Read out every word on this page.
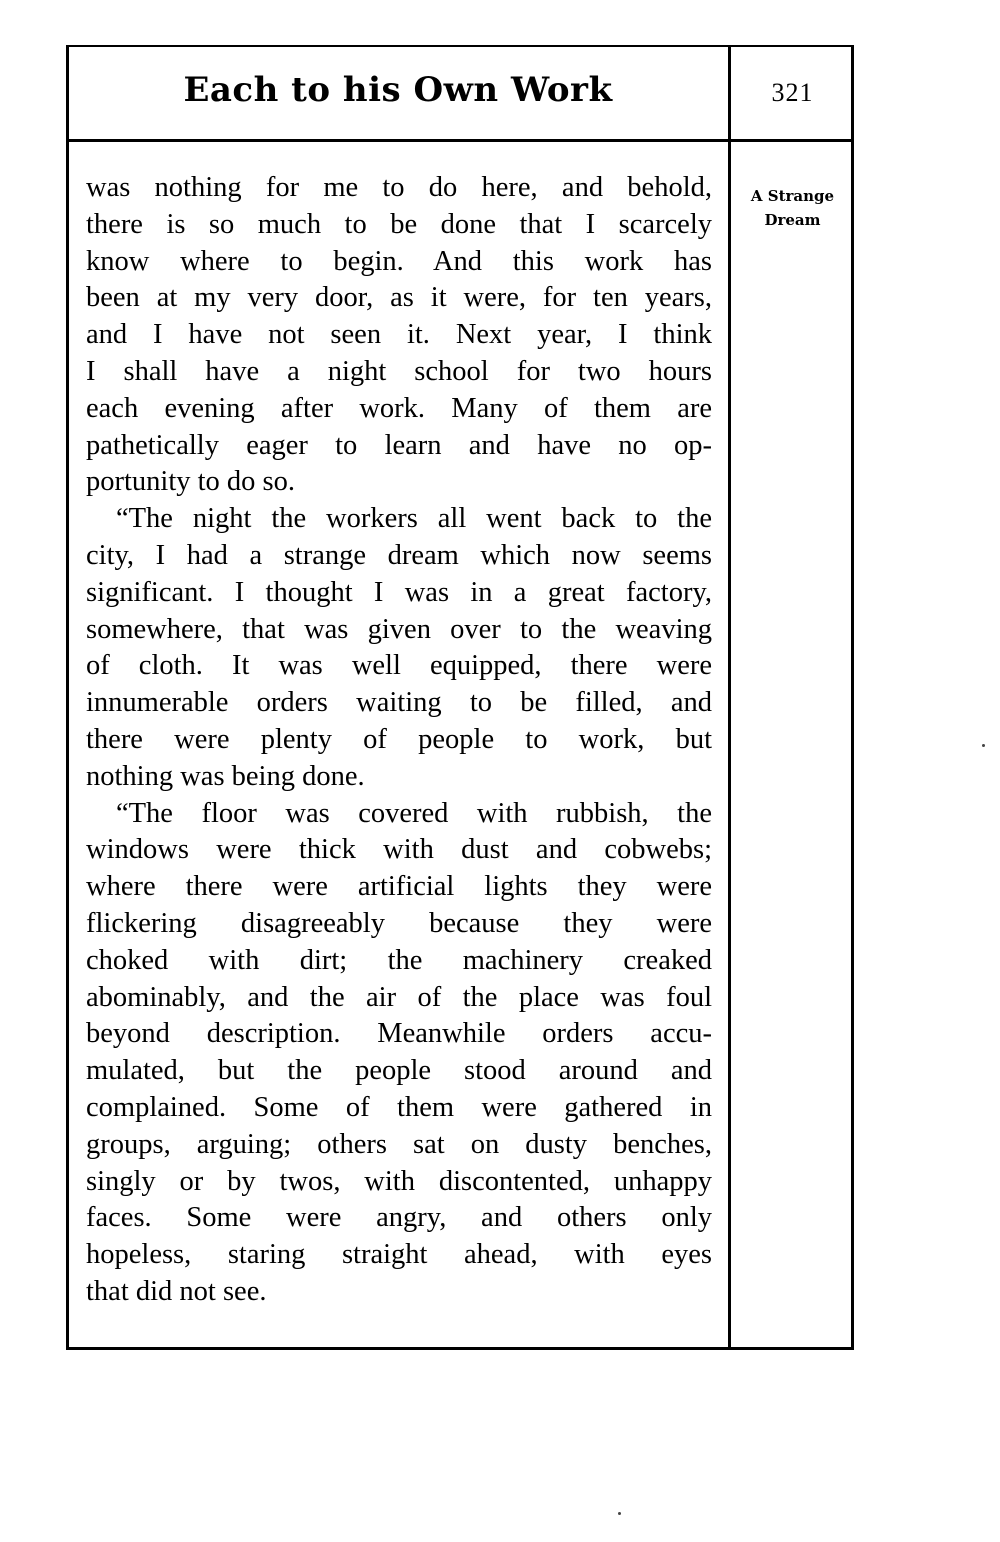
Each to his Own Work	321
A Strange
Dream

was nothing for me to do here, and behold,
there is so much to be done that I scarcely
know where to begin. And this work has
been at my very door, as it were, for ten years,
and I have not seen it. Next year, I think
I shall have a night school for two hours
each evening after work. Many of them are
pathetically eager to learn and have no op-
portunity to do so.

“The night the workers all went back to the
city, I had a strange dream which now seems
significant. I thought I was in a great factory,
somewhere, that was given over to the weaving
of cloth. It was well equipped, there were
innumerable orders waiting to be filled, and
there were plenty of people to work, but
nothing was being done.

“The floor was covered with rubbish, the
windows were thick with dust and cobwebs;
where there were artificial lights they were
flickering disagreeably because they were
choked with dirt; the machinery creaked
abominably, and the air of the place was foul
beyond description. Meanwhile orders accu-
mulated, but the people stood around and
complained. Some of them were gathered in
groups, arguing; others sat on dusty benches,
singly or by twos, with discontented, unhappy
faces. Some were angry, and others only
hopeless, staring straight ahead, with eyes
that did not see.
